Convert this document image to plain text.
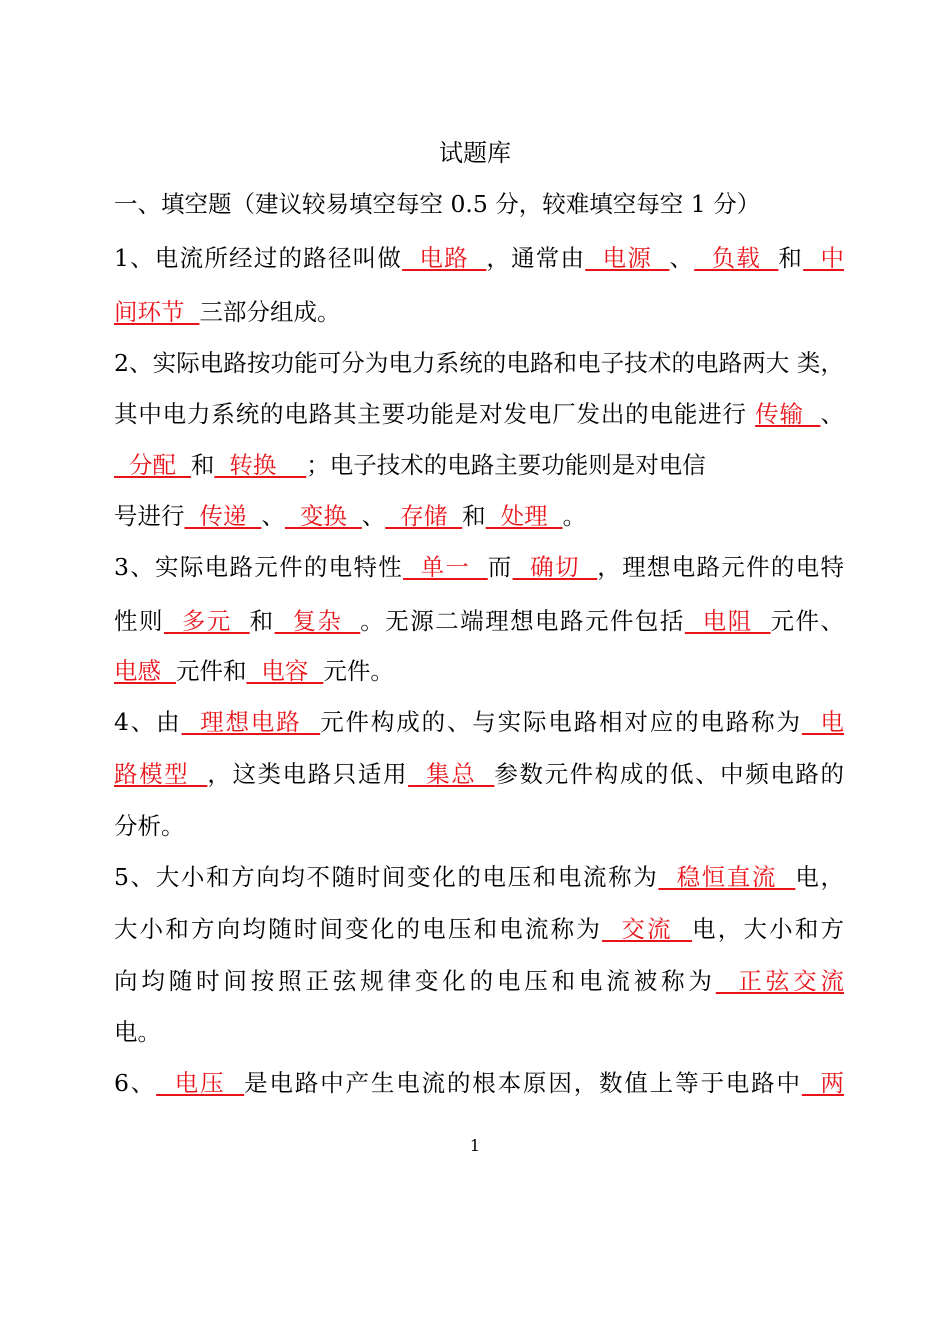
试题库
一、填空题（建议较易填空每空 0.5 分，较难填空每空 1 分）
1、电流所经过的路径叫做  电路  ，通常由  电源  、  负载  和  中
间环节  三部分组成。
2、实际电路按功能可分为电力系统的电路和电子技术的电路两大 类，
其中电力系统的电路其主要功能是对发电厂发出的电能进行 传输  、
分配  和  转换    ；电子技术的电路主要功能则是对电信
号进行  传递  、  变换  、  存储  和  处理  。
3、实际电路元件的电特性  单一  而  确切  ，理想电路元件的电特
性则  多元  和  复杂  。无源二端理想电路元件包括  电阻  元件、
电感  元件和  电容  元件。
4、由  理想电路  元件构成的、与实际电路相对应的电路称为  电
路模型  ，这类电路只适用  集总  参数元件构成的低、中频电路的
分析。
5、大小和方向均不随时间变化的电压和电流称为  稳恒直流  电，
大小和方向均随时间变化的电压和电流称为  交流  电，大小和方
向均随时间按照正弦规律变化的电压和电流被称为  正弦交流
电。
6、  电压  是电路中产生电流的根本原因，数值上等于电路中  两
1
